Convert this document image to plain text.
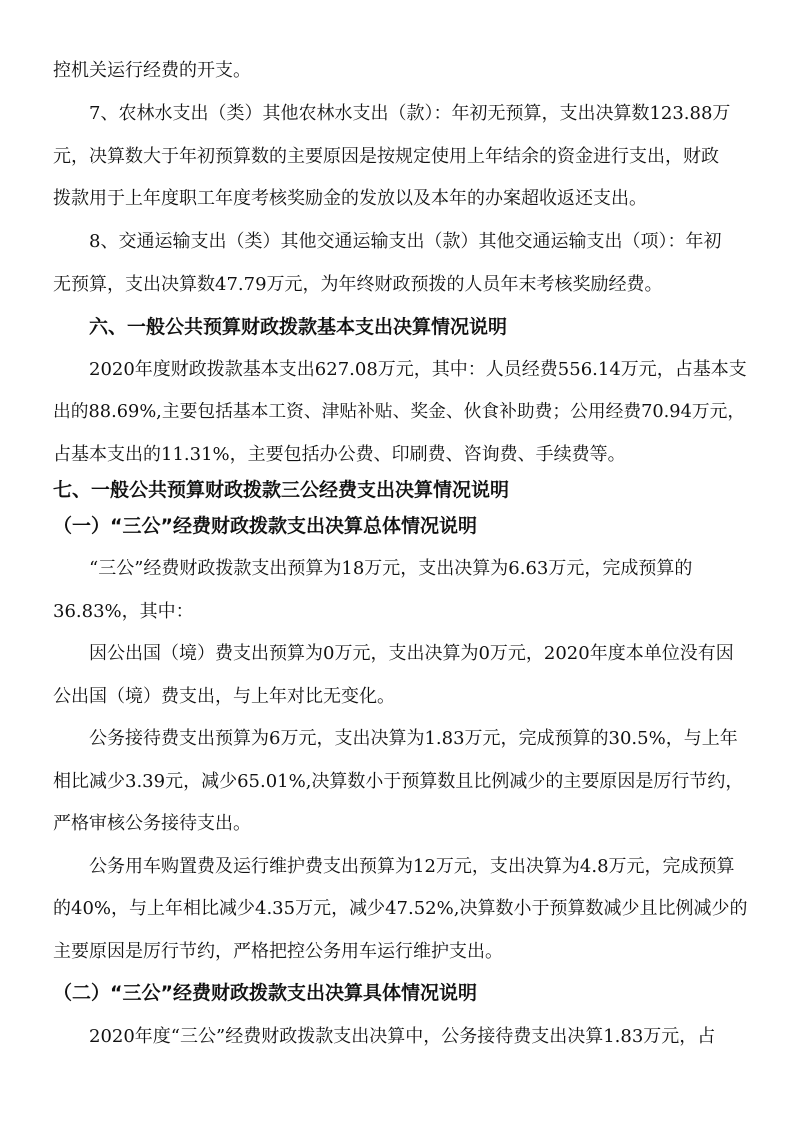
控机关运行经费的开支。
7、农林水支出（类）其他农林水支出（款）：年初无预算，支出决算数123.88万
元，决算数大于年初预算数的主要原因是按规定使用上年结余的资金进行支出，财政
拨款用于上年度职工年度考核奖励金的发放以及本年的办案超收返还支出。
8、交通运输支出（类）其他交通运输支出（款）其他交通运输支出（项）：年初
无预算，支出决算数47.79万元，为年终财政预拨的人员年末考核奖励经费。
六、一般公共预算财政拨款基本支出决算情况说明
2020年度财政拨款基本支出627.08万元，其中：人员经费556.14万元，占基本支
出的88.69%,主要包括基本工资、津贴补贴、奖金、伙食补助费；公用经费70.94万元，
占基本支出的11.31%，主要包括办公费、印刷费、咨询费、手续费等。
七、一般公共预算财政拨款三公经费支出决算情况说明
（一）“三公”经费财政拨款支出决算总体情况说明
“三公”经费财政拨款支出预算为18万元，支出决算为6.63万元，完成预算的
36.83%，其中：
因公出国（境）费支出预算为0万元，支出决算为0万元，2020年度本单位没有因
公出国（境）费支出，与上年对比无变化。
公务接待费支出预算为6万元，支出决算为1.83万元，完成预算的30.5%，与上年
相比减少3.39元，减少65.01%,决算数小于预算数且比例减少的主要原因是厉行节约，
严格审核公务接待支出。
公务用车购置费及运行维护费支出预算为12万元，支出决算为4.8万元，完成预算
的40%，与上年相比减少4.35万元，减少47.52%,决算数小于预算数减少且比例减少的
主要原因是厉行节约，严格把控公务用车运行维护支出。
（二）“三公”经费财政拨款支出决算具体情况说明
2020年度“三公”经费财政拨款支出决算中，公务接待费支出决算1.83万元，占
